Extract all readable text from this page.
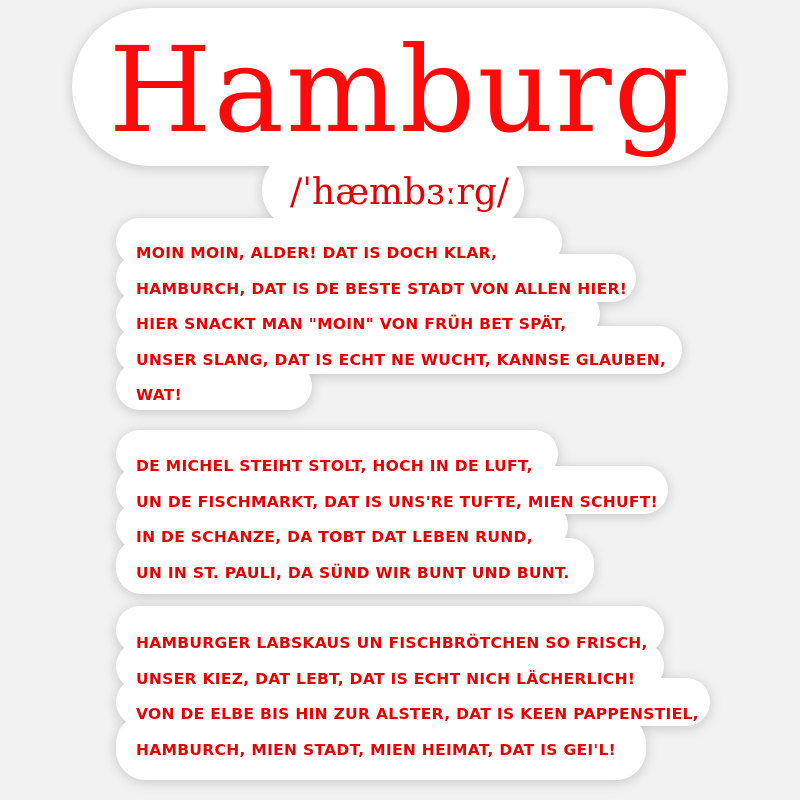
Hamburg
/ˈhæmbɜːrg/
MOIN MOIN, ALDER! DAT IS DOCH KLAR,
HAMBURCH, DAT IS DE BESTE STADT VON ALLEN HIER!
HIER SNACKT MAN "MOIN" VON FRÜH BET SPÄT,
UNSER SLANG, DAT IS ECHT NE WUCHT, KANNSE GLAUBEN,
WAT!
DE MICHEL STEIHT STOLT, HOCH IN DE LUFT,
UN DE FISCHMARKT, DAT IS UNS'RE TUFTE, MIEN SCHUFT!
IN DE SCHANZE, DA TOBT DAT LEBEN RUND,
UN IN ST. PAULI, DA SÜND WIR BUNT UND BUNT.
HAMBURGER LABSKAUS UN FISCHBRÖTCHEN SO FRISCH,
UNSER KIEZ, DAT LEBT, DAT IS ECHT NICH LÄCHERLICH!
VON DE ELBE BIS HIN ZUR ALSTER, DAT IS KEEN PAPPENSTIEL,
HAMBURCH, MIEN STADT, MIEN HEIMAT, DAT IS GEI'L!
